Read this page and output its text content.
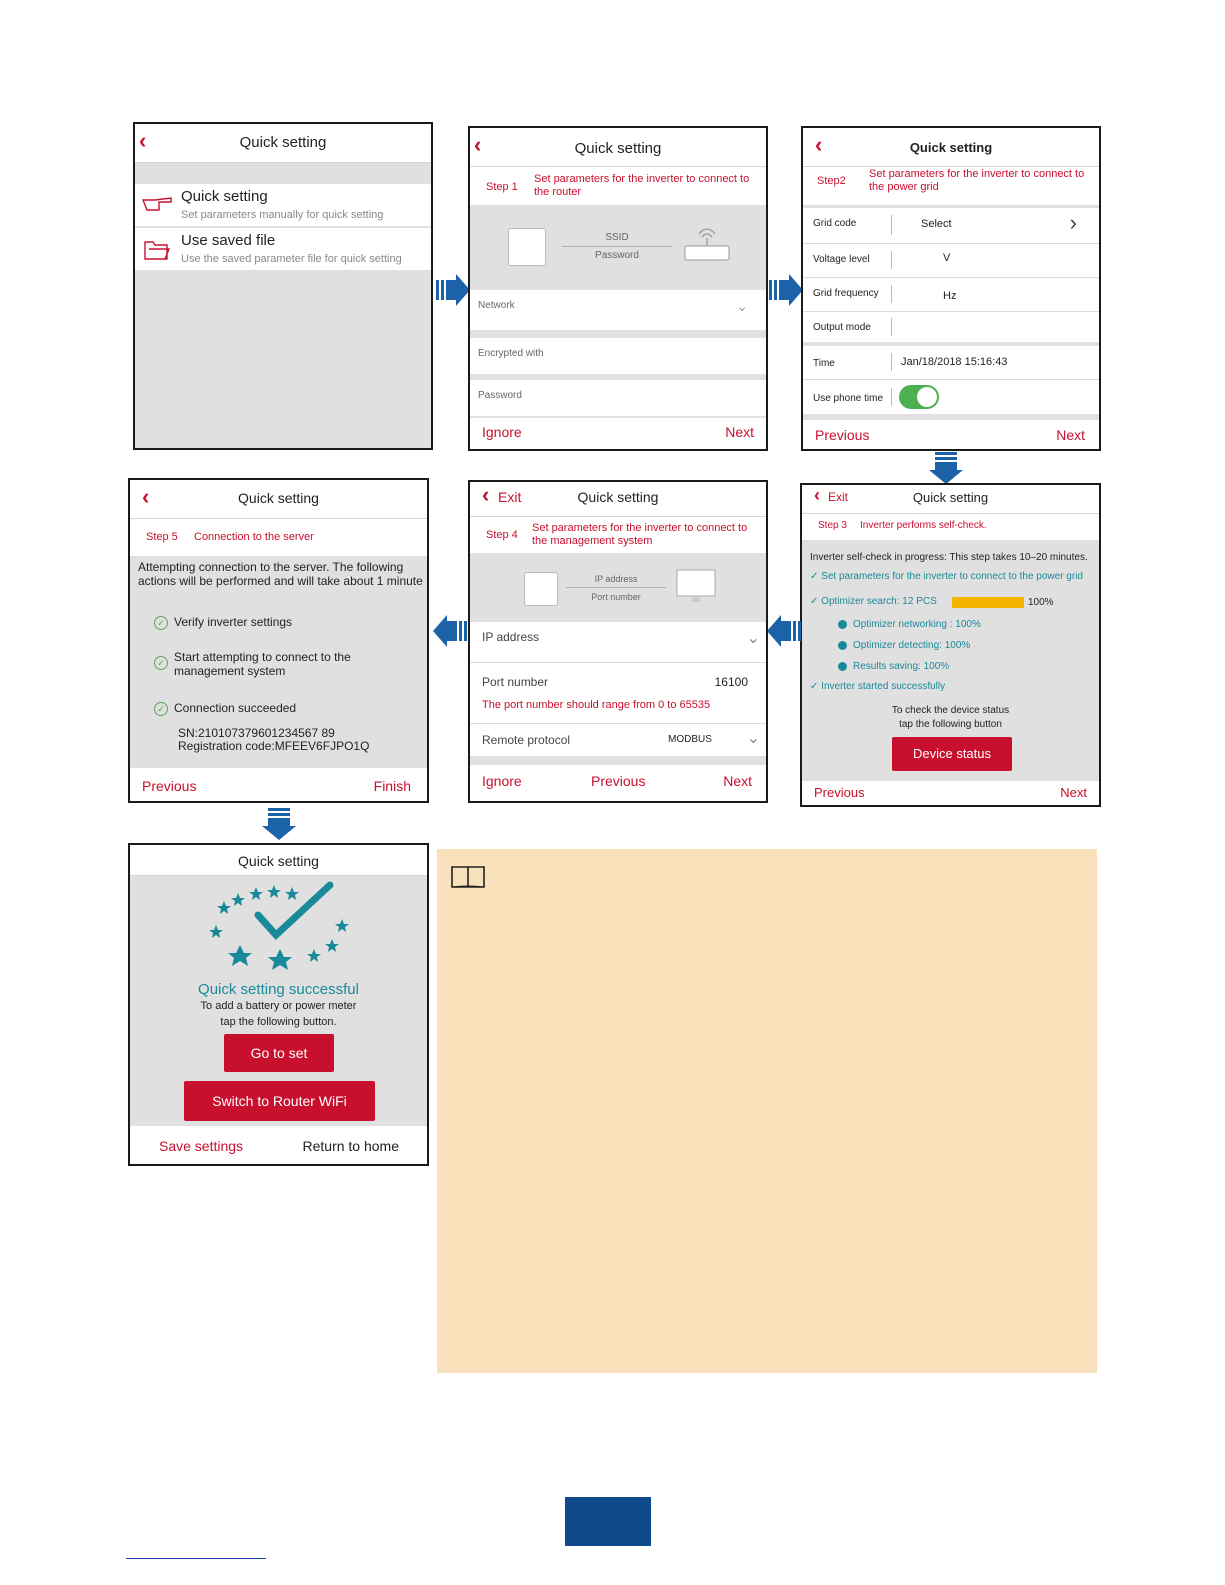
‹	Quick setting
Quick setting
Set parameters manually for quick setting
Use saved file
Use the saved parameter file for quick setting
‹	Quick setting
Step 1
Set parameters for the inverter to connect to the router
SSID
Password
Network	⌄
Encrypted with
Password
Ignore	Next
‹	Quick setting
Step2
Set parameters for the inverter to connect to the power grid
Grid code	Select	›
Voltage level	V
Grid frequency	Hz
Output mode
Time	Jan/18/2018 15:16:43
Use phone time
Previous	Next
‹ Exit	Quick setting
Step 3 Inverter performs self-check.
Inverter self-check in progress: This step takes 10–20 minutes.
✓ Set parameters for the inverter to connect to the power grid
✓ Optimizer search: 12 PCS	100%
Optimizer networking : 100%
Optimizer detecting: 100%
Results saving: 100%
✓ Inverter started successfully
To check the device status
tap the following button
Device status
Previous	Next
‹ Exit	Quick setting
Step 4
Set parameters for the inverter to connect to the management system
IP address
Port number
IP address	⌄
Port number	16100
The port number should range from 0 to 65535
Remote protocol	MODBUS ⌄
Ignore	Previous	Next
‹	Quick setting
Step 5 Connection to the server
Attempting connection to the server. The following actions will be performed and will take about 1 minute
✓ Verify inverter settings
✓ Start attempting to connect to the management system
✓ Connection succeeded
SN:210107379601234567 89
Registration code:MFEEV6FJPO1Q
Previous	Finish
Quick setting
Quick setting successful
To add a battery or power meter
tap the following button.
Go to set
Switch to Router WiFi
Save settings	Return to home
